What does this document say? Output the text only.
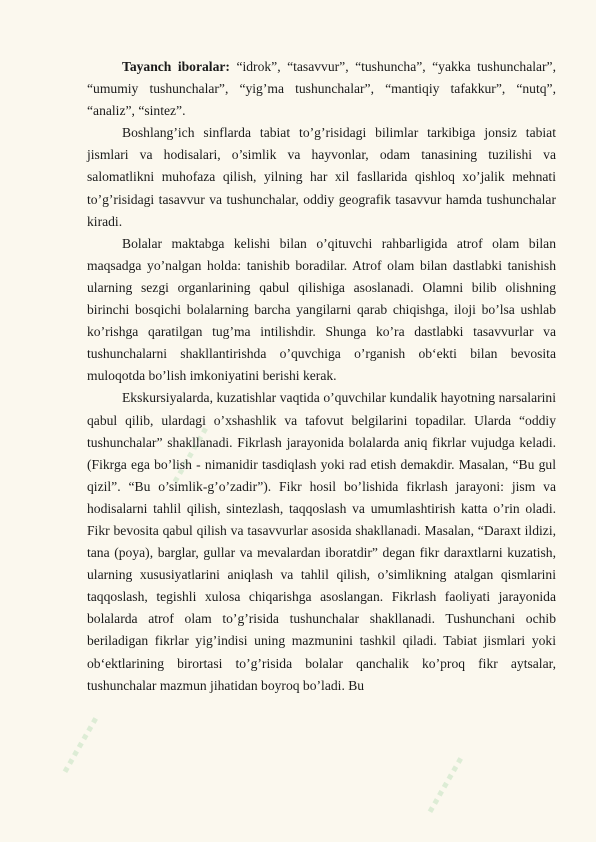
.......
.......
.......

Tayanch iboralar: “idrok”, “tasavvur”, “tushuncha”, “yakka tushunchalar”, “umumiy tushunchalar”, “yig’ma tushunchalar”, “mantiqiy tafakkur”, “nutq”, “analiz”, “sintez”.

Boshlang’ich sinflarda tabiat to’g’risidagi bilimlar tarkibiga jonsiz tabiat jismlari va hodisalari, o’simlik va hayvonlar, odam tanasining tuzilishi va salomatlikni muhofaza qilish, yilning har xil fasllarida qishloq xo’jalik mehnati to’g’risidagi tasavvur va tushunchalar, oddiy geografik tasavvur hamda tushunchalar kiradi.

Bolalar maktabga kelishi bilan o’qituvchi rahbarligida atrof olam bilan maqsadga yo’nalgan holda: tanishib boradilar. Atrof olam bilan dastlabki tanishish ularning sezgi organlarining qabul qilishiga asoslanadi. Olamni bilib olishning birinchi bosqichi bolalarning barcha yangilarni qarab chiqishga, iloji bo’lsa ushlab ko’rishga qaratilgan tug’ma intilishdir. Shunga ko’ra dastlabki tasavvurlar va tushunchalarni shakllantirishda o’quvchiga o’rganish ob‘ekti bilan bevosita muloqotda bo’lish imkoniyatini berishi kerak.

Ekskursiyalarda, kuzatishlar vaqtida o’quvchilar kundalik hayotning narsalarini qabul qilib, ulardagi o’xshashlik va tafovut belgilarini topadilar. Ularda “oddiy tushunchalar” shakllanadi. Fikrlash jarayonida bolalarda aniq fikrlar vujudga keladi. (Fikrga ega bo’lish - nimanidir tasdiqlash yoki rad etish demakdir. Masalan, “Bu gul qizil”. “Bu o’simlik-g’o’zadir”). Fikr hosil bo’lishida fikrlash jarayoni: jism va hodisalarni tahlil qilish, sintezlash, taqqoslash va umumlashtirish katta o’rin oladi. Fikr bevosita qabul qilish va tasavvurlar asosida shakllanadi. Masalan, “Daraxt ildizi, tana (poya), barglar, gullar va mevalardan iboratdir” degan fikr daraxtlarni kuzatish, ularning xususiyatlarini aniqlash va tahlil qilish, o’simlikning atalgan qismlarini taqqoslash, tegishli xulosa chiqarishga asoslangan. Fikrlash faoliyati jarayonida bolalarda atrof olam to’g’risida tushunchalar shakllanadi. Tushunchani ochib beriladigan fikrlar yig’indisi uning mazmunini tashkil qiladi. Tabiat jismlari yoki ob‘ektlarining birortasi to’g’risida bolalar qanchalik ko’proq fikr aytsalar, tushunchalar mazmun jihatidan boyroq bo’ladi. Bu
